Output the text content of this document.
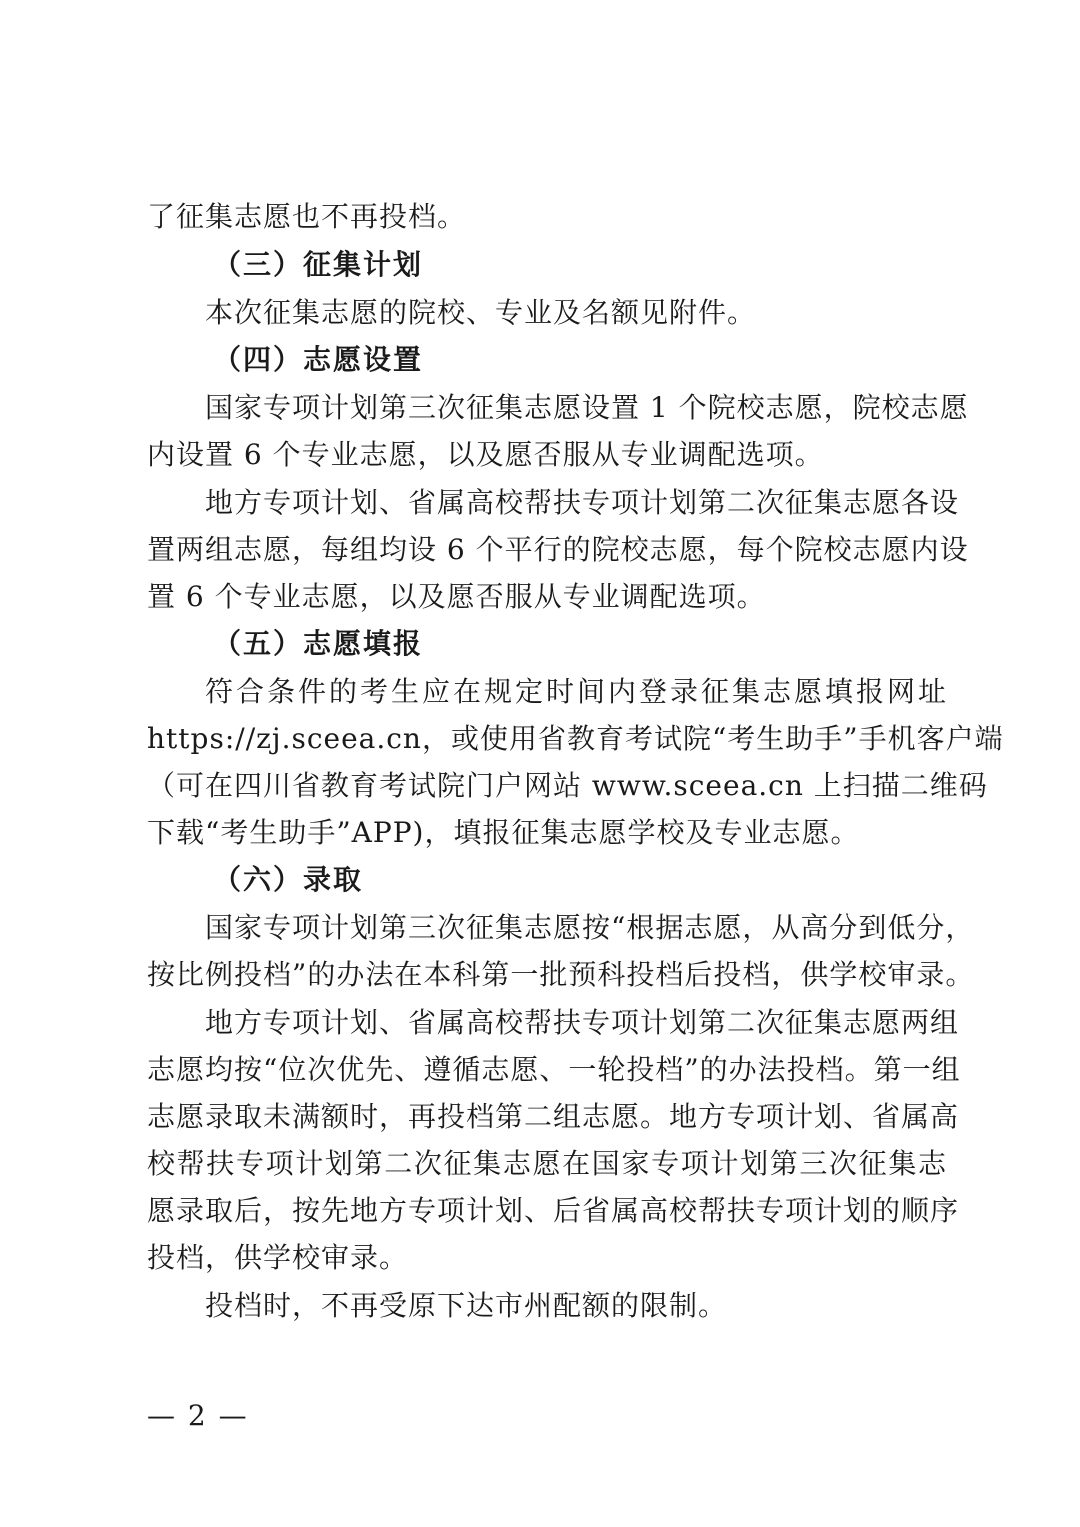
了征集志愿也不再投档。
（三）征集计划
本次征集志愿的院校、专业及名额见附件。
（四）志愿设置
国家专项计划第三次征集志愿设置 1 个院校志愿，院校志愿
内设置 6 个专业志愿，以及愿否服从专业调配选项。
地方专项计划、省属高校帮扶专项计划第二次征集志愿各设
置两组志愿，每组均设 6 个平行的院校志愿，每个院校志愿内设
置 6 个专业志愿，以及愿否服从专业调配选项。
（五）志愿填报
符合条件的考生应在规定时间内登录征集志愿填报网址
https://zj.sceea.cn，或使用省教育考试院“考生助手”手机客户端
（可在四川省教育考试院门户网站 www.sceea.cn 上扫描二维码
下载“考生助手”APP)，填报征集志愿学校及专业志愿。
（六）录取
国家专项计划第三次征集志愿按“根据志愿，从高分到低分，
按比例投档”的办法在本科第一批预科投档后投档，供学校审录。
地方专项计划、省属高校帮扶专项计划第二次征集志愿两组
志愿均按“位次优先、遵循志愿、一轮投档”的办法投档。第一组
志愿录取未满额时，再投档第二组志愿。地方专项计划、省属高
校帮扶专项计划第二次征集志愿在国家专项计划第三次征集志
愿录取后，按先地方专项计划、后省属高校帮扶专项计划的顺序
投档，供学校审录。
投档时，不再受原下达市州配额的限制。
— 2 —
